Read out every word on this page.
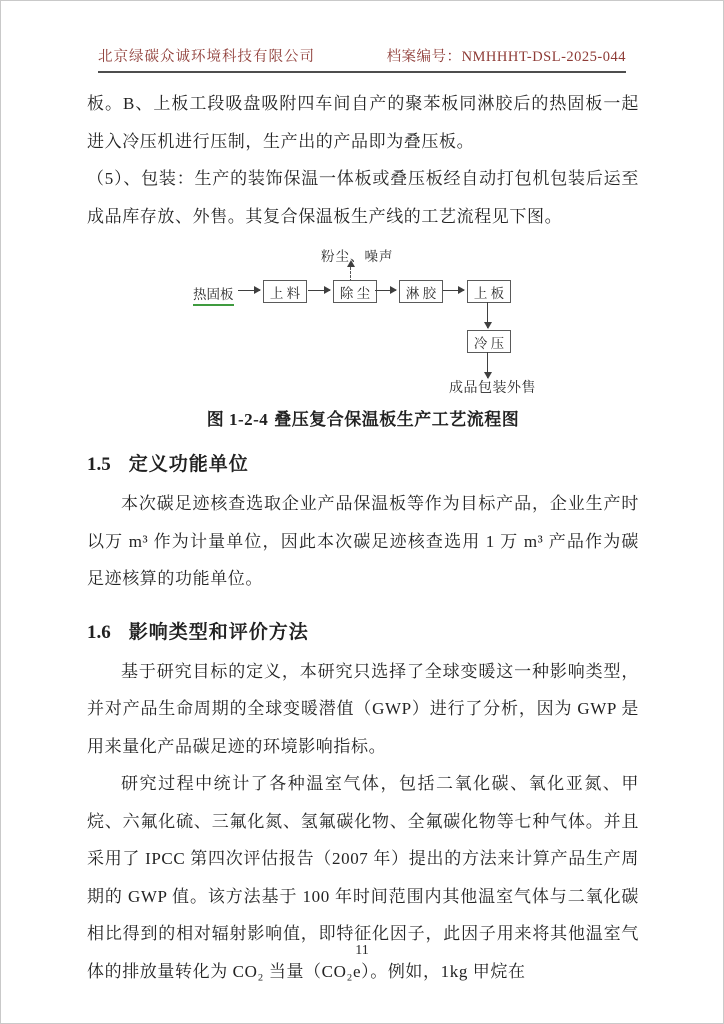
北京绿碳众诚环境科技有限公司	档案编号：NMHHHT-DSL-2025-044

板。B、上板工段吸盘吸附四车间自产的聚苯板同淋胶后的热固板一起进入冷压机进行压制，生产出的产品即为叠压板。

（5）、包装：生产的装饰保温一体板或叠压板经自动打包机包装后运至成品库存放、外售。其复合保温板生产线的工艺流程见下图。

粉尘、噪声
热固板	上 料	除 尘	淋 胶	上 板
冷 压
成品包装外售

图 1-2-4 叠压复合保温板生产工艺流程图

1.5 定义功能单位

本次碳足迹核查选取企业产品保温板等作为目标产品，企业生产时以万 m³ 作为计量单位，因此本次碳足迹核查选用 1 万 m³ 产品作为碳足迹核算的功能单位。

1.6 影响类型和评价方法

基于研究目标的定义，本研究只选择了全球变暖这一种影响类型，并对产品生命周期的全球变暖潜值（GWP）进行了分析，因为 GWP 是用来量化产品碳足迹的环境影响指标。

研究过程中统计了各种温室气体，包括二氧化碳、氧化亚氮、甲烷、六氟化硫、三氟化氮、氢氟碳化物、全氟碳化物等七种气体。并且采用了 IPCC 第四次评估报告（2007 年）提出的方法来计算产品生产周期的 GWP 值。该方法基于 100 年时间范围内其他温室气体与二氧化碳相比得到的相对辐射影响值，即特征化因子，此因子用来将其他温室气体的排放量转化为 CO₂ 当量（CO₂e）。例如，1kg 甲烷在

11
